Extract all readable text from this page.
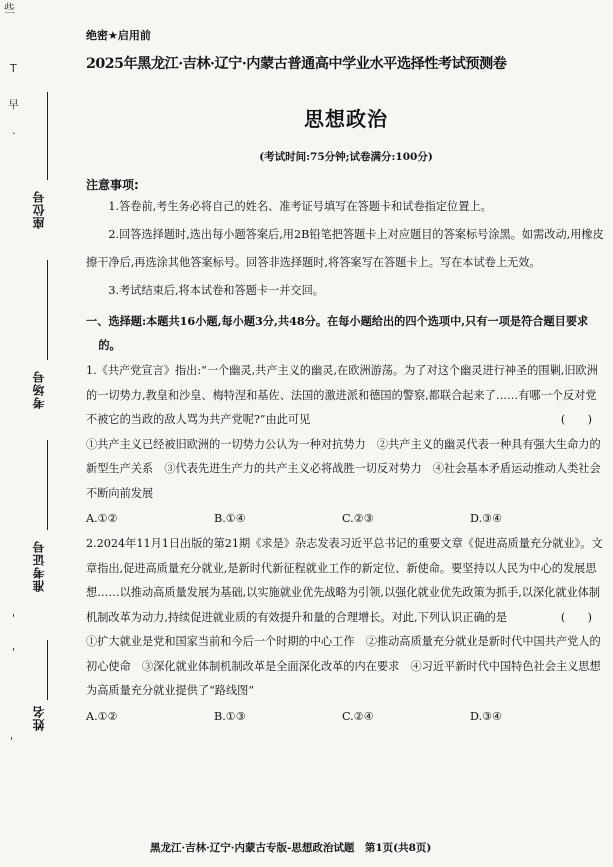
些
T
早
.
'
'
'
座位号
考场号
准考证号
姓名
绝密★启用前
2025年黑龙江·吉林·辽宁·内蒙古普通高中学业水平选择性考试预测卷
思想政治
(考试时间:75分钟;试卷满分:100分)
注意事项:
1.答卷前,考生务必将自己的姓名、准考证号填写在答题卡和试卷指定位置上。
2.回答选择题时,选出每小题答案后,用2B铅笔把答题卡上对应题目的答案标号涂黑。如需改动,用橡皮擦干净后,再选涂其他答案标号。回答非选择题时,将答案写在答题卡上。写在本试卷上无效。
3.考试结束后,将本试卷和答题卡一并交回。
一、选择题:本题共16小题,每小题3分,共48分。在每小题给出的四个选项中,只有一项是符合题目要求的。
1.《共产党宣言》指出:“一个幽灵,共产主义的幽灵,在欧洲游荡。为了对这个幽灵进行神圣的围剿,旧欧洲的一切势力,教皇和沙皇、梅特涅和基佐、法国的激进派和德国的警察,都联合起来了……有哪一个反对党不被它的当政的敌人骂为共产党呢?”由此可见	(　　)
①共产主义已经被旧欧洲的一切势力公认为一种对抗势力　②共产主义的幽灵代表一种具有强大生命力的新型生产关系　③代表先进生产力的共产主义必将战胜一切反对势力　④社会基本矛盾运动推动人类社会不断向前发展
A.①②	B.①④	C.②③	D.③④
2.2024年11月1日出版的第21期《求是》杂志发表习近平总书记的重要文章《促进高质量充分就业》。文章指出,促进高质量充分就业,是新时代新征程就业工作的新定位、新使命。要坚持以人民为中心的发展思想……以推动高质量发展为基础,以实施就业优先战略为引领,以强化就业优先政策为抓手,以深化就业体制机制改革为动力,持续促进就业质的有效提升和量的合理增长。对此,下列认识正确的是	(　　)
①扩大就业是党和国家当前和今后一个时期的中心工作　②推动高质量充分就业是新时代中国共产党人的初心使命　③深化就业体制机制改革是全面深化改革的内在要求　④习近平新时代中国特色社会主义思想为高质量充分就业提供了“路线图”
A.①②	B.①③	C.②④	D.③④
黑龙江·吉林·辽宁·内蒙古专版-思想政治试题　第1页(共8页)
